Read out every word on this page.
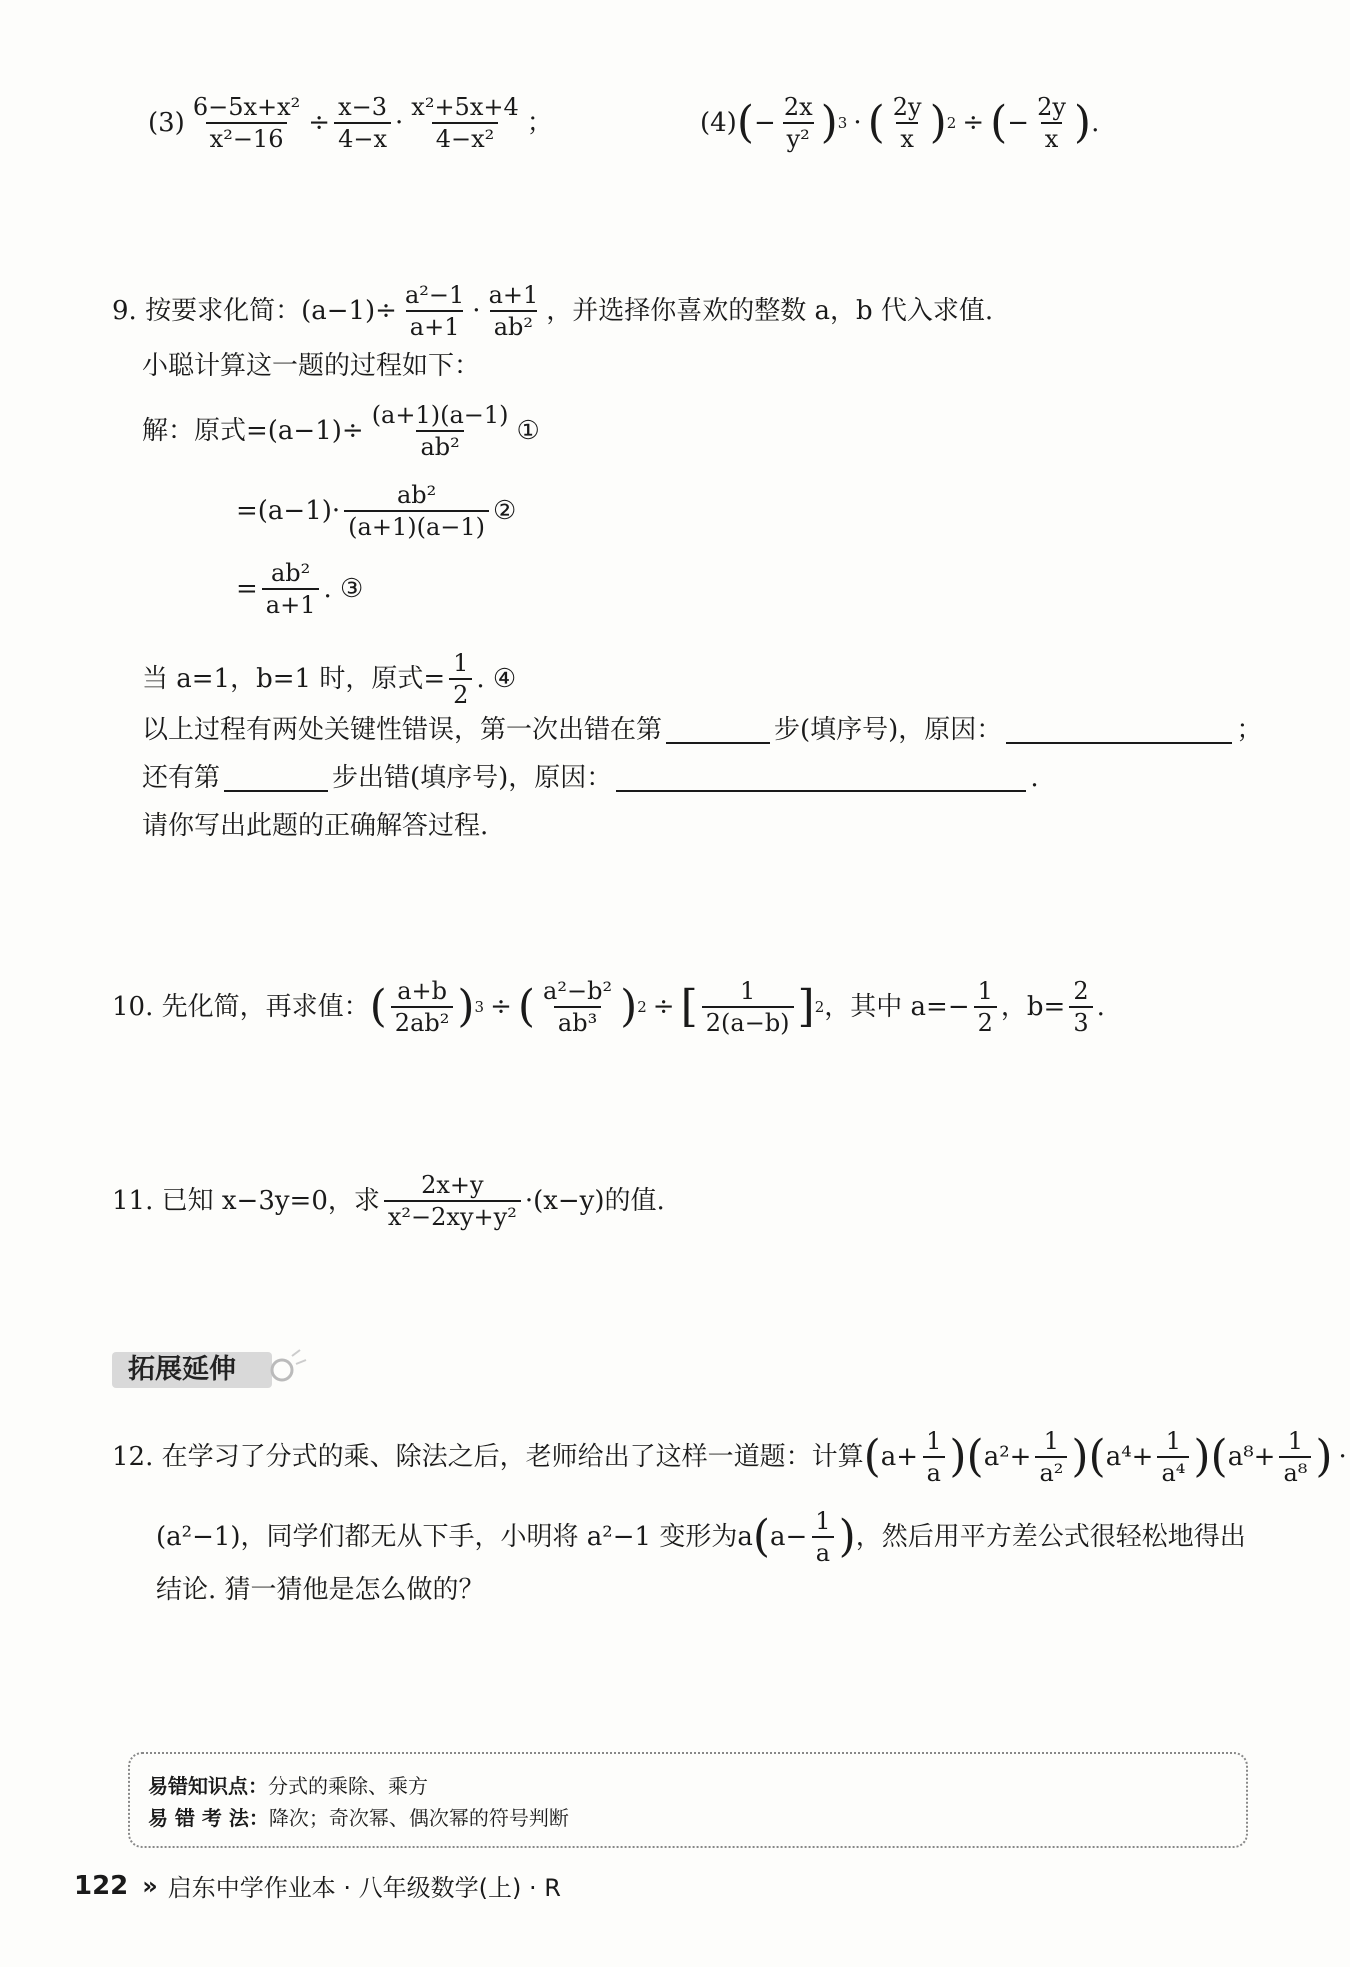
$(3) \frac{\text{6−5x+x²}}{\text{x²−16}} \div \frac{x-3}{4-x} \cdot \frac{\text{x²+5x+4}}{\text{4−x²}}$ ；	(4) ( − $\frac{2x}{\text{y²}}$ ) 3 · ( $\frac{2y}{x}$ ) 2 ÷ ( − $\frac{2y}{x}$ ) .
9. 按要求化简：$(a-1)\div \frac{\text{a²−1}}{a+1} \cdot \frac{a+1}{\text{ab²}}$ ，并选择你喜欢的整数 a，b 代入求值.
小聪计算这一题的过程如下：
解：原式$=(a-1)\div \frac{(a+1)(a-1)}{\text{ab²}}$ ①
$=(a-1)\cdot \frac{\text{ab²}}{(a+1)(a-1)}$ ②
= $\frac{\text{ab²}}{a+1}$ . ③
当 a=1，b=1 时，原式= $\frac{1}{2}$ . ④
以上过程有两处关键性错误，第一次出错在第	步(填序号)，原因：	；
还有第	步出错(填序号)，原因：	.
请你写出此题的正确解答过程.
10. 先化简，再求值： ( $\frac{a+b}{\text{2ab²}}$ ) 3 ÷ ( $\frac{\text{a²−b²}}{\text{ab³}}$ ) 2 ÷ [ $\frac{1}{2(a-b)}$ ] 2 ，其中 $a=- \frac{1}{2}$ ，$b= \frac{2}{3}$ .
11. 已知 x−3y=0，求 $\frac{2x+y}{\text{x²−2xy+y²}} \cdot(x-y)$的值.
拓展延伸
12. 在学习了分式的乘、除法之后，老师给出了这样一道题：计算 ( $a+ \frac{1}{a}$ ) ( $a^2+ \frac{1}{\text{a²}}$ ) ( $a^4+ \frac{1}{\text{a⁴}}$ ) ( $a^8+ \frac{1}{\text{a⁸}}$ ) ·
(a²−1)，同学们都无从下手，小明将 a²−1 变形为a ( $a- \frac{1}{a}$ ) ，然后用平方差公式很轻松地得出
结论. 猜一猜他是怎么做的？
易错知识点：分式的乘除、乘方
易 错 考 法：降次；奇次幂、偶次幂的符号判断
122 » 启东中学作业本 · 八年级数学(上) · R
